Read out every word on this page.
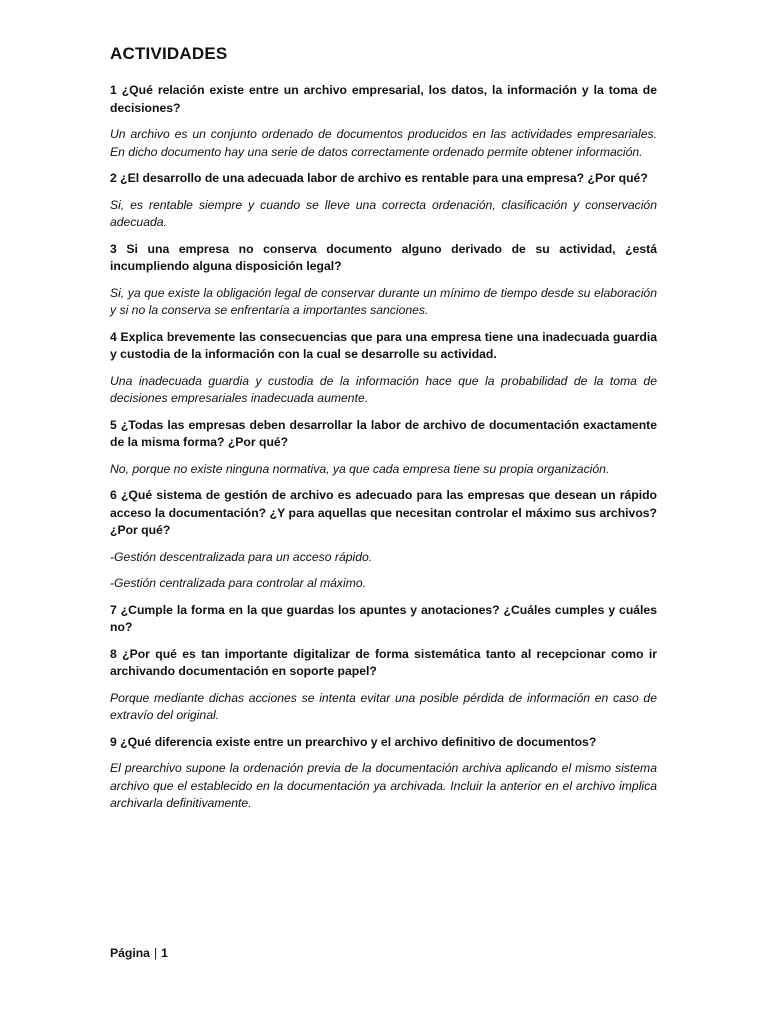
ACTIVIDADES

1 ¿Qué relación existe entre un archivo empresarial, los datos, la información y la toma de decisiones?

Un archivo es un conjunto ordenado de documentos producidos en las actividades empresariales. En dicho documento hay una serie de datos correctamente ordenado permite obtener información.

2 ¿El desarrollo de una adecuada labor de archivo es rentable para una empresa? ¿Por qué?

Si, es rentable siempre y cuando se lleve una correcta ordenación, clasificación y conservación adecuada.

3 Si una empresa no conserva documento alguno derivado de su actividad, ¿está incumpliendo alguna disposición legal?

Si, ya que existe la obligación legal de conservar durante un mínimo de tiempo desde su elaboración y si no la conserva se enfrentaría a importantes sanciones.

4 Explica brevemente las consecuencias que para una empresa tiene una inadecuada guardia y custodia de la información con la cual se desarrolle su actividad.

Una inadecuada guardia y custodia de la información hace que la probabilidad de la toma de decisiones empresariales inadecuada aumente.

5 ¿Todas las empresas deben desarrollar la labor de archivo de documentación exactamente de la misma forma? ¿Por qué?

No, porque no existe ninguna normativa, ya que cada empresa tiene su propia organización.

6 ¿Qué sistema de gestión de archivo es adecuado para las empresas que desean un rápido acceso la documentación? ¿Y para aquellas que necesitan controlar el máximo sus archivos? ¿Por qué?

-Gestión descentralizada para un acceso rápido.

-Gestión centralizada para controlar al máximo.

7 ¿Cumple la forma en la que guardas los apuntes y anotaciones? ¿Cuáles cumples y cuáles no?

8 ¿Por qué es tan importante digitalizar de forma sistemática tanto al recepcionar como ir archivando documentación en soporte papel?

Porque mediante dichas acciones se intenta evitar una posible pérdida de información en caso de extravío del original.

9 ¿Qué diferencia existe entre un prearchivo y el archivo definitivo de documentos?

El prearchivo supone la ordenación previa de la documentación archiva aplicando el mismo sistema archivo que el establecido en la documentación ya archivada. Incluir la anterior en el archivo implica archivarla definitivamente.

Página | 1
